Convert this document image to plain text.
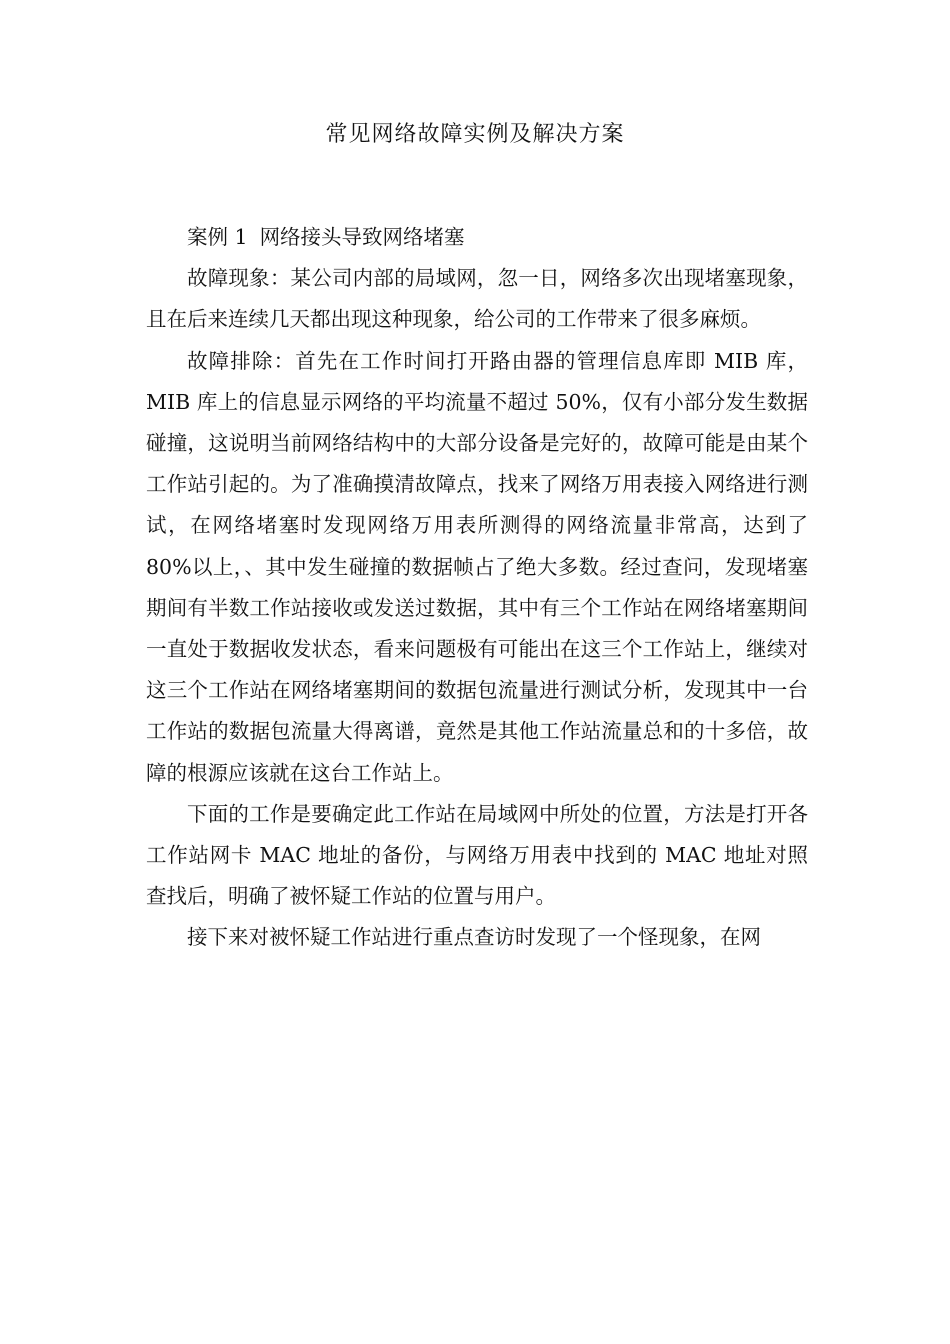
常见网络故障实例及解决方案
案例 1 网络接头导致网络堵塞

故障现象：某公司内部的局域网，忽一日，网络多次出现堵塞现象，且在后来连续几天都出现这种现象，给公司的工作带来了很多麻烦。

故障排除：首先在工作时间打开路由器的管理信息库即 MIB 库，MIB 库上的信息显示网络的平均流量不超过 50%，仅有小部分发生数据碰撞，这说明当前网络结构中的大部分设备是完好的，故障可能是由某个工作站引起的。为了准确摸清故障点，找来了网络万用表接入网络进行测试，在网络堵塞时发现网络万用表所测得的网络流量非常高，达到了 80%以上，、其中发生碰撞的数据帧占了绝大多数。经过查问，发现堵塞期间有半数工作站接收或发送过数据，其中有三个工作站在网络堵塞期间一直处于数据收发状态，看来问题极有可能出在这三个工作站上，继续对这三个工作站在网络堵塞期间的数据包流量进行测试分析，发现其中一台工作站的数据包流量大得离谱，竟然是其他工作站流量总和的十多倍，故障的根源应该就在这台工作站上。

下面的工作是要确定此工作站在局域网中所处的位置，方法是打开各工作站网卡 MAC 地址的备份，与网络万用表中找到的 MAC 地址对照查找后，明确了被怀疑工作站的位置与用户。

接下来对被怀疑工作站进行重点查访时发现了一个怪现象，在网
